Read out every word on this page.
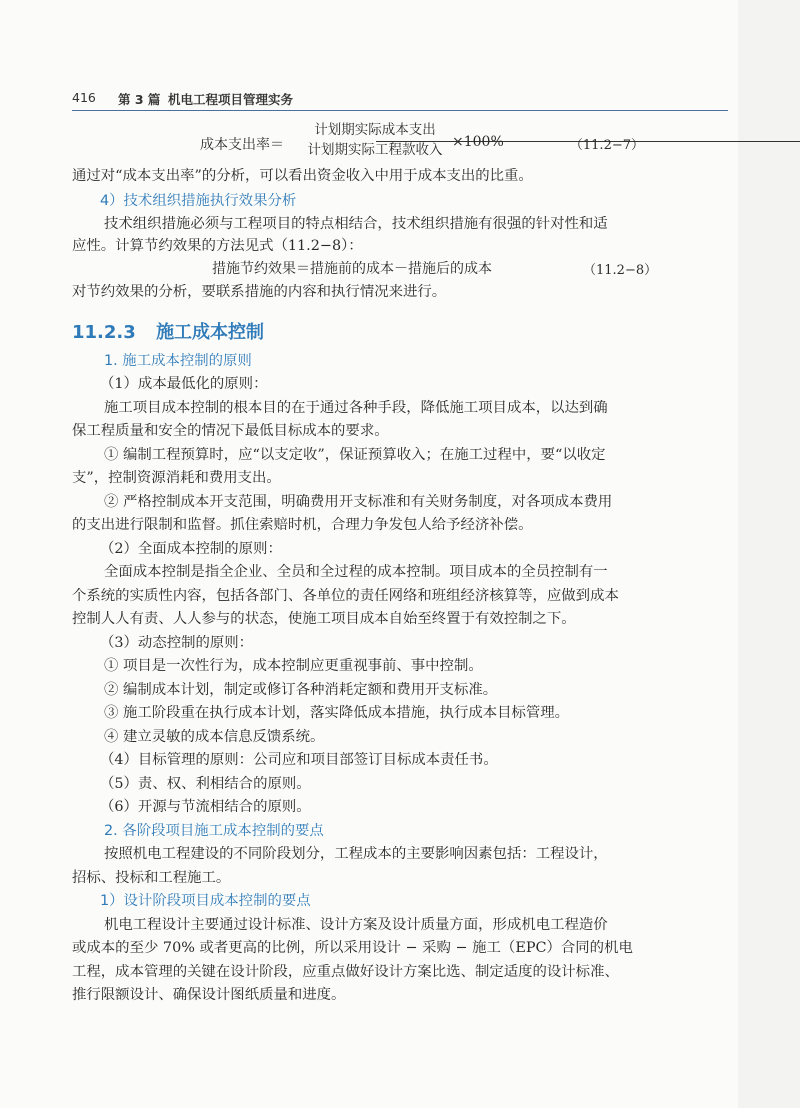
416 第 3 篇 机电工程项目管理实务
成本支出率＝
计划期实际成本支出
计划期实际工程款收入 ×100%	（11.2−7）
通过对“成本支出率”的分析，可以看出资金收入中用于成本支出的比重。
4）技术组织措施执行效果分析
技术组织措施必须与工程项目的特点相结合，技术组织措施有很强的针对性和适
应性。计算节约效果的方法见式（11.2−8）：
措施节约效果＝措施前的成本－措施后的成本	（11.2−8）
对节约效果的分析，要联系措施的内容和执行情况来进行。
11.2.3 施工成本控制
1. 施工成本控制的原则
（1）成本最低化的原则：
施工项目成本控制的根本目的在于通过各种手段，降低施工项目成本，以达到确
保工程质量和安全的情况下最低目标成本的要求。
① 编制工程预算时，应“以支定收”，保证预算收入；在施工过程中，要“以收定
支”，控制资源消耗和费用支出。
② 严格控制成本开支范围，明确费用开支标准和有关财务制度，对各项成本费用
的支出进行限制和监督。抓住索赔时机，合理力争发包人给予经济补偿。
（2）全面成本控制的原则：
全面成本控制是指全企业、全员和全过程的成本控制。项目成本的全员控制有一
个系统的实质性内容，包括各部门、各单位的责任网络和班组经济核算等，应做到成本
控制人人有责、人人参与的状态，使施工项目成本自始至终置于有效控制之下。
（3）动态控制的原则：
① 项目是一次性行为，成本控制应更重视事前、事中控制。
② 编制成本计划，制定或修订各种消耗定额和费用开支标准。
③ 施工阶段重在执行成本计划，落实降低成本措施，执行成本目标管理。
④ 建立灵敏的成本信息反馈系统。
（4）目标管理的原则：公司应和项目部签订目标成本责任书。
（5）责、权、利相结合的原则。
（6）开源与节流相结合的原则。
2. 各阶段项目施工成本控制的要点
按照机电工程建设的不同阶段划分，工程成本的主要影响因素包括：工程设计，
招标、投标和工程施工。
1）设计阶段项目成本控制的要点
机电工程设计主要通过设计标准、设计方案及设计质量方面，形成机电工程造价
或成本的至少 70% 或者更高的比例，所以采用设计 − 采购 − 施工（EPC）合同的机电
工程，成本管理的关键在设计阶段，应重点做好设计方案比选、制定适度的设计标准、
推行限额设计、确保设计图纸质量和进度。
